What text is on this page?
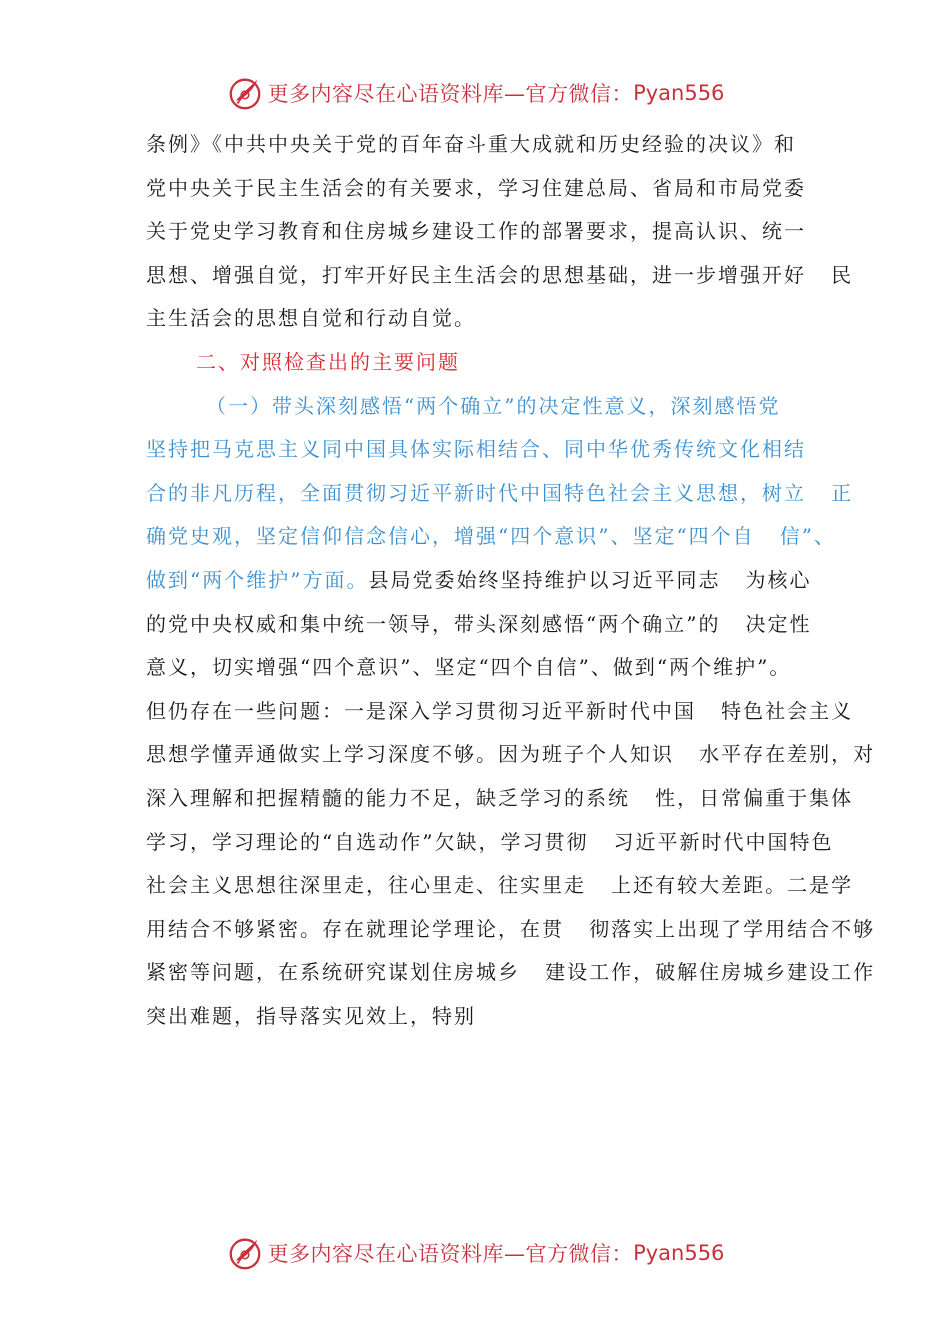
更多内容尽在心语资料库—官方微信： Pyan556
条例》《中共中央关于党的百年奋斗重大成就和历史经验的决议》和
党中央关于民主生活会的有关要求，学习住建总局、省局和市局党委
关于党史学习教育和住房城乡建设工作的部署要求，提高认识、统一
思想、增强自觉，打牢开好民主生活会的思想基础，进一步增强开好   民
主生活会的思想自觉和行动自觉。
二、对照检查出的主要问题
（一）带头深刻感悟“两个确立”的决定性意义，深刻感悟党
坚持把马克思主义同中国具体实际相结合、同中华优秀传统文化相结
合的非凡历程，全面贯彻习近平新时代中国特色社会主义思想，树立   正
确党史观，坚定信仰信念信心，增强“四个意识”、坚定“四个自   信”、
做到“两个维护”方面。县局党委始终坚持维护以习近平同志   为核心
的党中央权威和集中统一领导，带头深刻感悟“两个确立”的   决定性
意义，切实增强“四个意识”、坚定“四个自信”、做到“两个维护”。
但仍存在一些问题：一是深入学习贯彻习近平新时代中国   特色社会主义
思想学懂弄通做实上学习深度不够。因为班子个人知识   水平存在差别，对
深入理解和把握精髓的能力不足，缺乏学习的系统   性，日常偏重于集体
学习，学习理论的“自选动作”欠缺，学习贯彻   习近平新时代中国特色
社会主义思想往深里走，往心里走、往实里走   上还有较大差距。二是学
用结合不够紧密。存在就理论学理论，在贯   彻落实上出现了学用结合不够
紧密等问题，在系统研究谋划住房城乡   建设工作，破解住房城乡建设工作
突出难题，指导落实见效上，特别
更多内容尽在心语资料库—官方微信： Pyan556
